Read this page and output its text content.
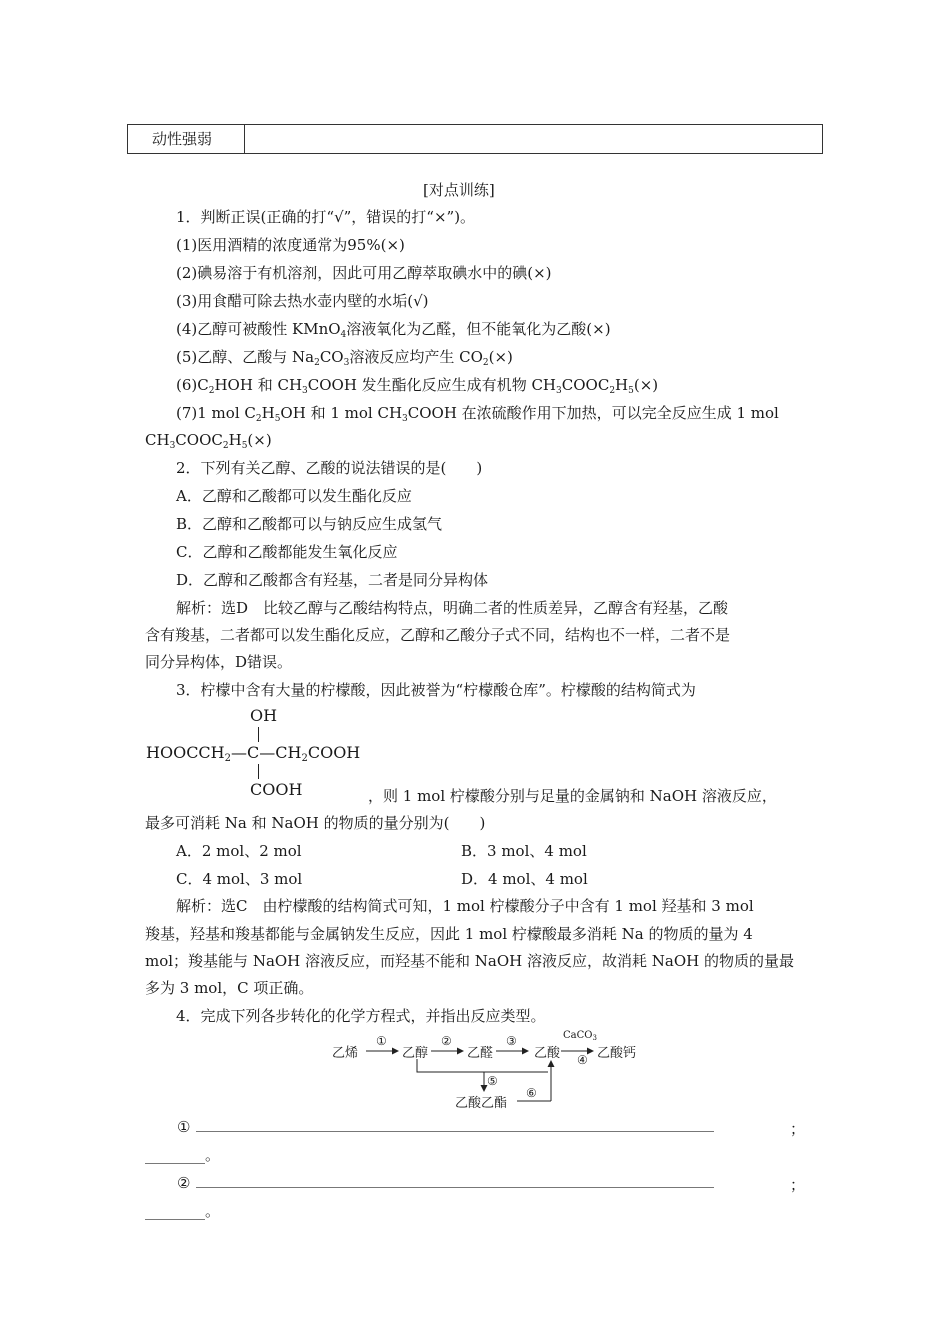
动性强弱
[对点训练]
1．判断正误(正确的打“√”，错误的打“×”)。
(1)医用酒精的浓度通常为95%(×)
(2)碘易溶于有机溶剂，因此可用乙醇萃取碘水中的碘(×)
(3)用食醋可除去热水壶内壁的水垢(√)
(4)乙醇可被酸性 KMnO$_4$溶液氧化为乙醛，但不能氧化为乙酸(×)
(5)乙醇、乙酸与 $Na_2CO_3$溶液反应均产生 $CO_2(\times)$
$(6)C_2HOH$ 和 $CH_3COOH$ 发生酯化反应生成有机物 $CH_3COOC_2H_5(\times)$
(7)1 mol $C_2H_5OH$ 和 1 mol $CH_3COOH$ 在浓硫酸作用下加热，可以完全反应生成 1 mol
$CH_3COOC_2H_5(\times)$
2．下列有关乙醇、乙酸的说法错误的是(　　)
A．乙醇和乙酸都可以发生酯化反应
B．乙醇和乙酸都可以与钠反应生成氢气
C．乙醇和乙酸都能发生氧化反应
D．乙醇和乙酸都含有羟基，二者是同分异构体
解析：选D　比较乙醇与乙酸结构特点，明确二者的性质差异，乙醇含有羟基，乙酸
含有羧基，二者都可以发生酯化反应，乙醇和乙酸分子式不同，结构也不一样，二者不是
同分异构体，D错误。
3．柠檬中含有大量的柠檬酸，因此被誉为“柠檬酸仓库”。柠檬酸的结构简式为
OH
HOOCCH2—C—CH2COOH
COOH	，则 1 mol 柠檬酸分别与足量的金属钠和 NaOH 溶液反应，
最多可消耗 Na 和 NaOH 的物质的量分别为(　　)
A．2 mol、2 mol	B．3 mol、4 mol
C．4 mol、3 mol	D．4 mol、4 mol
解析：选C　由柠檬酸的结构简式可知，1 mol 柠檬酸分子中含有 1 mol 羟基和 3 mol
羧基，羟基和羧基都能与金属钠发生反应，因此 1 mol 柠檬酸最多消耗 Na 的物质的量为 4
mol；羧基能与 NaOH 溶液反应，而羟基不能和 NaOH 溶液反应，故消耗 NaOH 的物质的量最
多为 3 mol，C 项正确。
4．完成下列各步转化的化学方程式，并指出反应类型。
乙烯	乙醇	乙醛	乙酸	乙酸钙
乙酸乙酯
①	②	③	CaCO$_3$
④
⑤
⑥
①	；
________。
②	；
________。
